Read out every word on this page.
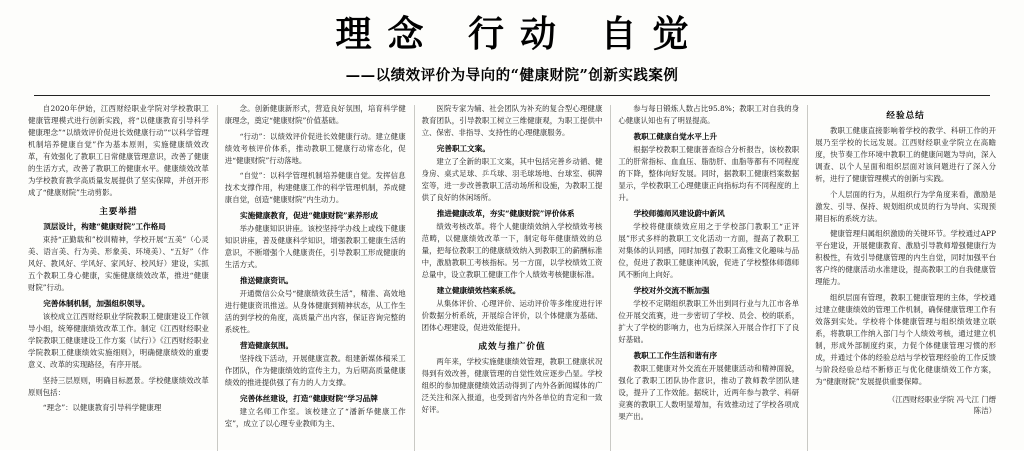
理念 行动 自觉
——以绩效评价为导向的“健康财院”创新实践案例

自2020年伊始，江西财经职业学院对学校教职工健康管理模式进行创新实践，将“以健康教育引导科学健康理念”“以绩效评价促进长效健康行动”“以科学管理机制培养健康自觉”作为基本原则，实施健康绩效改革，有效强化了教职工日常健康管理意识，改善了健康的生活方式，改善了教职工的健康水平。健康绩效改革为学校教育教学高质量发展提供了坚实保障，并创开形成了“健康财院”生动剪影。

主要举措
顶层设计，构建“健康财院”工作格局

束持“正勤载和”校训精神，学校开展“五美”（心灵美、语言美、行为美、形象美、环境美）、“五好”（作风好、教风好、学风好、家风好、校风好）建设，实抓五个教职工身心健康，实施健康绩效改革，推进“健康财院”行动。

完善体制机制，加强组织领导。

该校成立江西财经职业学院教职工健康建设工作领导小组，统筹健康绩效改革工作。制定《江西财经职业学院教职工健康建设工作方案（试行）》《江西财经职业学院教职工健康绩效实施细则》，明确健康绩效的重要意义、改革的实现路径，有序开展。

坚持三层原则，明确目标愿景。学校健康绩效改革原则包括：

“理念”：以健康教育引导科学健康理

念。创新健康新形式，营造良好氛围，培育科学健康理念，奠定“健康财院”价值基础。

“行动”：以绩效评价促进长效健康行动。建立健康绩效考核评价体系，推动教职工健康行动常态化，促进“健康财院”行动落地。

“自觉”：以科学管理机制培养健康自觉。发挥信息技术支撑作用，构建健康工作的科学管理机制，养成健康自觉，创造“健康财院”内生动力。

实施健康教育，促进“健康财院”素养形成

举办健康知识讲座。该校坚持学办线上或线下健康知识讲座，普及健康科学知识，增强教职工健康生活的意识，不断增强个人健康责任，引导教职工形成健康的生活方式。

推送健康资讯。

开通微信公众号“健康绩效获生活”，精准、高效地进行健康资讯推送。从身体健康到精神状态，从工作生活的到学校的角度，高质量产出内容，保证咨询完整的系统性。

营造健康氛围。

坚持线下活动，开展健康宣教。组建新媒体稿采工作团队，作为健康绩效的宣传主力，为后期高质量健康绩效的推进提供强了有力的人力支撑。

完善体丝建设，打造“健康财院”学习品牌

建立名师工作室。该校建立了“潘新华健康工作室”，成立了以心理专业教师为主、

医院专家为辅、社会团队为补充的复合型心理健康教育团队，引导教职工树立三维健康观，为职工提供中立、保密、非指导、支持性的心理健康服务。

完善职工文案。

建立了全新的职工文案，其中包括完善乡动循、健身房、桌式足球、乒乓球、羽毛球场地、台球室、棋牌室等，进一步改善教职工活动场所和设施，为教职工提供了良好的休闲场所。

推进健康改革，夯实“健康财院”评价体系

绩效考核改革。将个人健康绩效纳入学校绩效考核范畴，以健康绩效改革一下，制定每年健康绩效的总量，把每位教职工的健康绩效纳入到教职工的薪酬标准中，激励教职工考核指标。另一方面，以学校绩效工资总量中，设立教职工健康工作个人绩效考核健康标准。

建立健康绩效档案系统。

从集体评价、心理评价、运动评价等多维度进行评价数据分析系统，开展综合评价，以个体健康为基础、团体心理建设，促进效能提升。

成效与推广价值

两年来，学校实施健康绩效管理，教职工健康状况得到有效改善，健康管理的自觉性效应逐步凸显。学校组织的参加健康健绩效活动得到了内外各新闻媒体的广泛关注和深入报道，也受到省内外各单位的肯定和一致好评。

参与每日锻炼人数占比95.8%；教职工对自我的身心健康认知也有了明显提高。

教职工健康自觉水平上升

根据学校教职工健康普查综合分析报告，该校教职工的肝常指标、血血压、脂肪肝、血脂等都有不同程度的下降，整体向好发展。同时，据教职工健康档案数据显示，学校教职工心理健康正向指标均有不同程度的上升。

学校师德师风建设蔚中新风

学校将健康绩效应用之于学校部门教职工“正评展”形式多样的教职工文化活动一方面，提高了教职工对集体的认同感，同时加强了教职工高雅文化趣味与品位，促进了教职工健康神风貌，促进了学校整体师德师风不断向上向好。

学校对外交流不断加强

学校不定期组织教职工外出到同行业与九江市各单位开展交流赛，进一步密切了学校、员会、校的联系，扩大了学校的影响力，也为后续深入开展合作打下了良好基础。

教职工工作生活和谐有序

教职工健康对外交流在开展健康活动和精神面貌，强化了教职工团队协作意识，推动了教师教学团队建设，提升了工作效能。据统计，近两年参与教学、科研竞赛的教职工人数明显增加，有效推动过了学校各项成果产出。

经验总结

教职工健康直接影响着学校的教学、科研工作的开展乃至学校的长远发展。江西财经职业学院立在高瞻度，快节奏工作环境中教职工的健康问题为导向，深入调查、以个人呈面和组织层面对该问题进行了深入分析，进行了健康管理模式的创新与实践。

个人层面的行为，从组织行为学角度来看，激励是激发、引导、保持、规划组织成员的行为导向、实现预期目标的系统方法。

健康管理归属组织激励的关键环节。学校通过APP平台建设，开展健康教育、激励引导教师增强健康行为积极性，有效引导健康管理的内生自觉，同时加强平台客户终的健康活动水准建设，提高教职工的自我健康管理能力。

组织层面有管理，教职工健康管理的主体，学校通过建立健康绩效的管理工作机制，确保健康管理工作有效落到实处。学校将个体健康管理与组织绩效建立联系，将教职工作纳入部门与个人绩效考核，通过建立机制，形成外部制度约束，力促个体健康管理习惯的形成，并通过个体的经验总结与学校管理经验的工作反馈与阶段经验总结不断修正与优化健康绩效工作方案，为“健康财院”发展提供重要保障。

（江西财经职业学院 冯弋江 门缙
陈洁）
